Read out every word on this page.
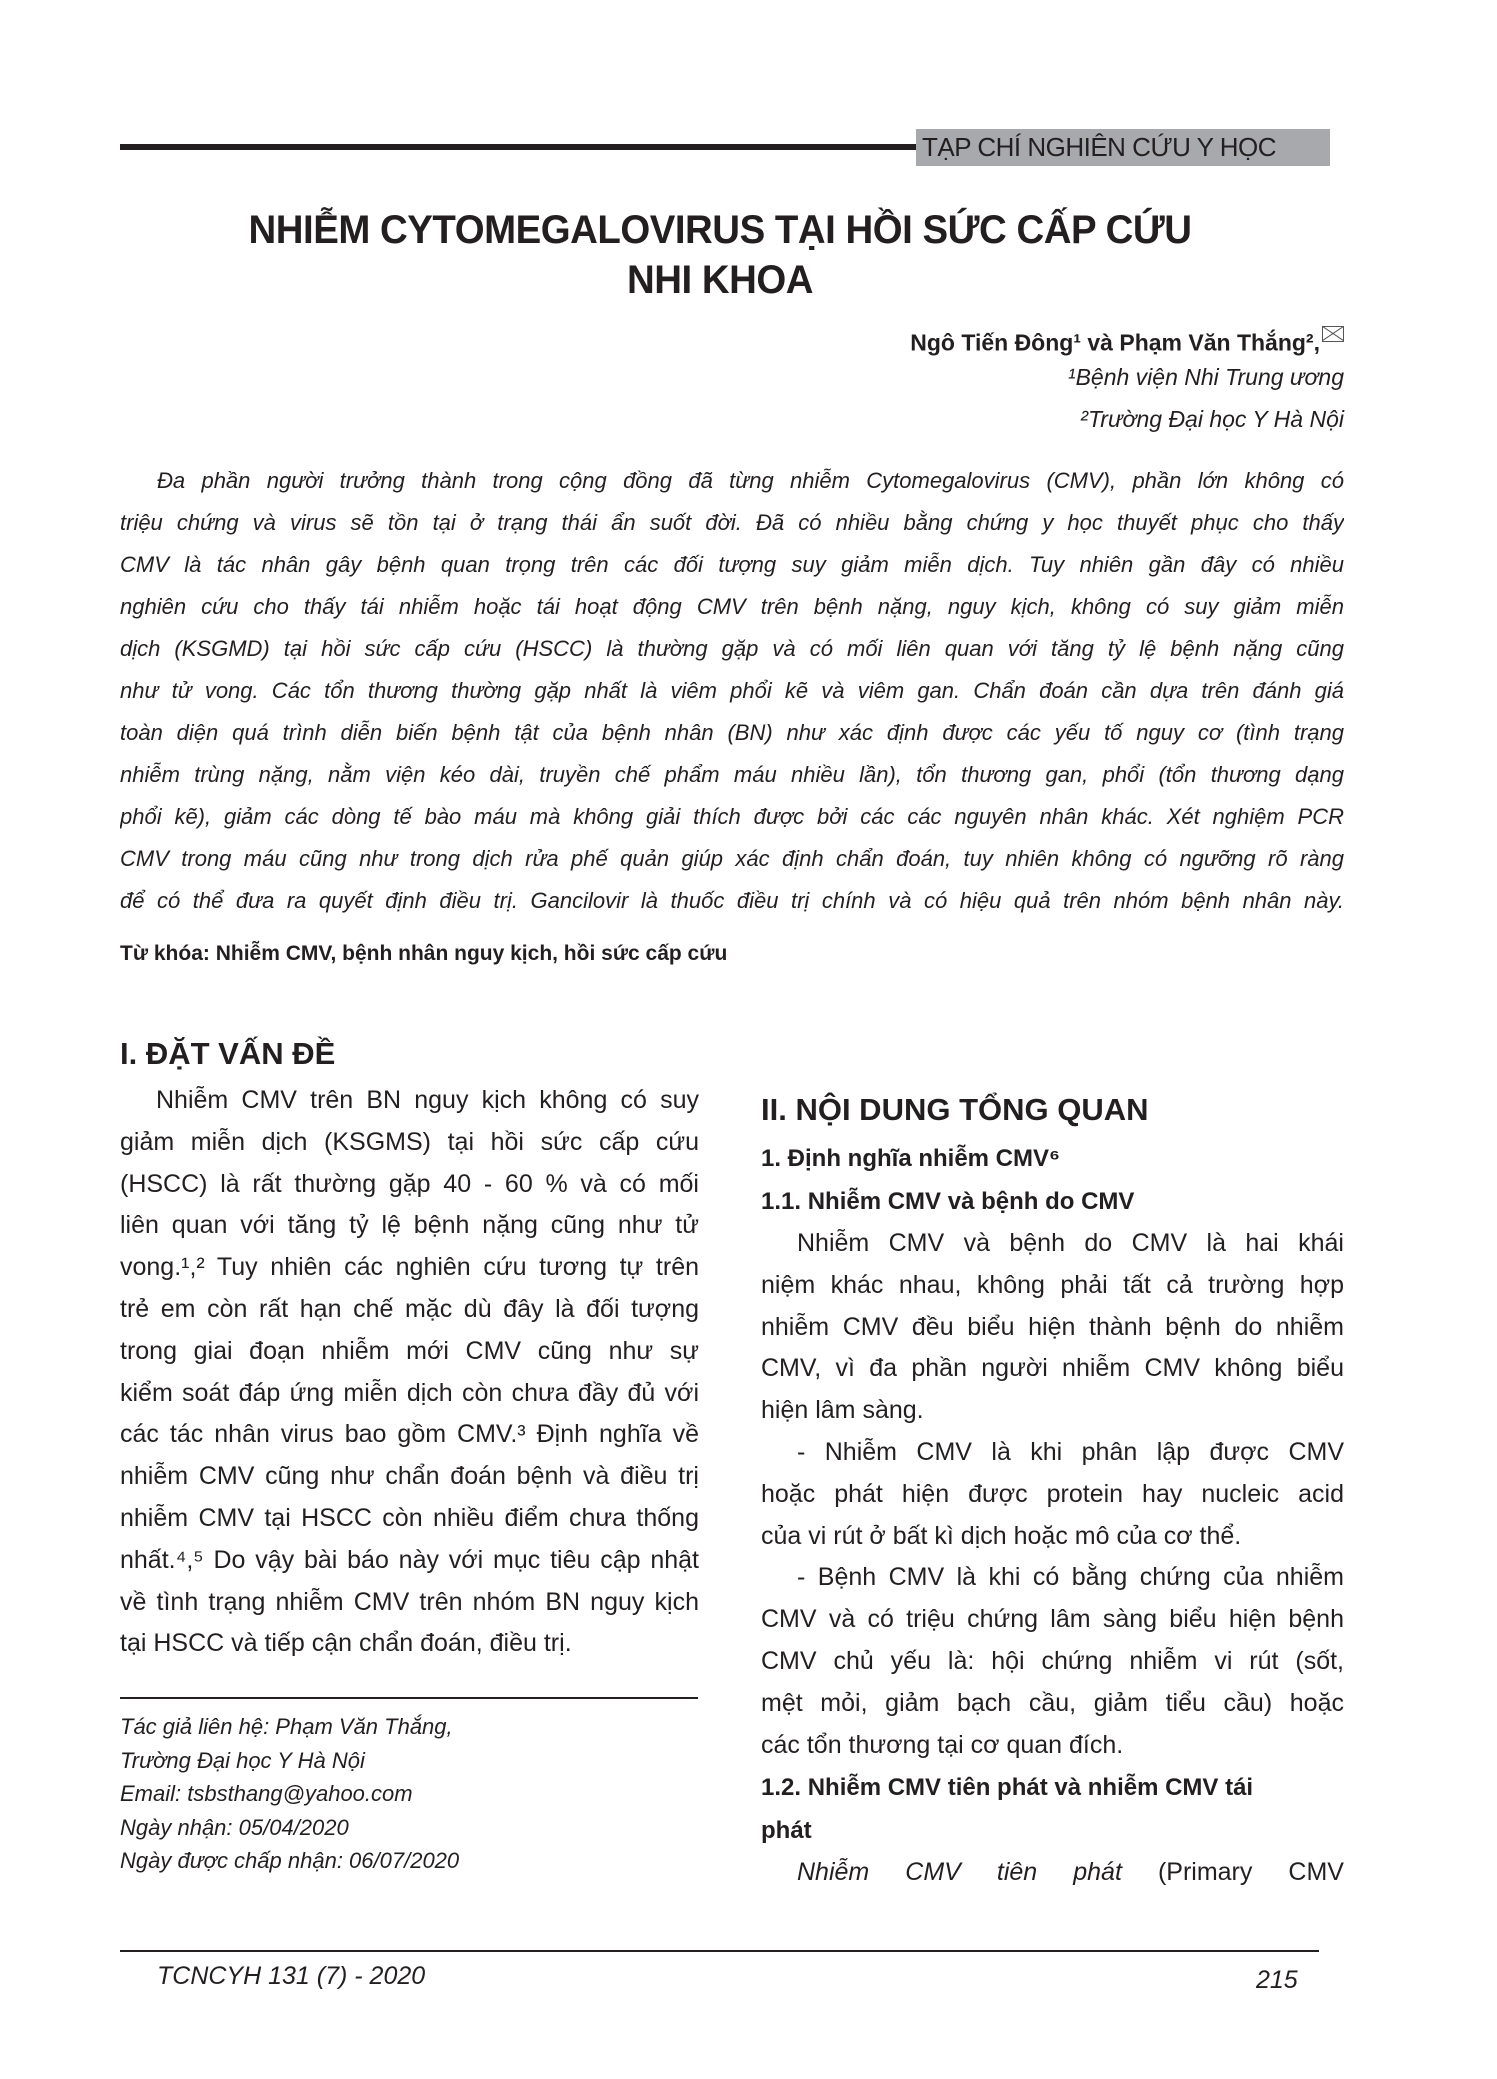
TẠP CHÍ NGHIÊN CỨU Y HỌC
NHIỄM CYTOMEGALOVIRUS TẠI HỒI SỨC CẤP CỨU
NHI KHOA
Ngô Tiến Đông¹ và Phạm Văn Thắng²,
¹Bệnh viện Nhi Trung ương
²Trường Đại học Y Hà Nội
Đa phần người trưởng thành trong cộng đồng đã từng nhiễm Cytomegalovirus (CMV), phần lớn không có
triệu chứng và virus sẽ tồn tại ở trạng thái ẩn suốt đời. Đã có nhiều bằng chứng y học thuyết phục cho thấy
CMV là tác nhân gây bệnh quan trọng trên các đối tượng suy giảm miễn dịch. Tuy nhiên gần đây có nhiều
nghiên cứu cho thấy tái nhiễm hoặc tái hoạt động CMV trên bệnh nặng, nguy kịch, không có suy giảm miễn
dịch (KSGMD) tại hồi sức cấp cứu (HSCC) là thường gặp và có mối liên quan với tăng tỷ lệ bệnh nặng cũng
như tử vong. Các tổn thương thường gặp nhất là viêm phổi kẽ và viêm gan. Chẩn đoán cần dựa trên đánh giá
toàn diện quá trình diễn biến bệnh tật của bệnh nhân (BN) như xác định được các yếu tố nguy cơ (tình trạng
nhiễm trùng nặng, nằm viện kéo dài, truyền chế phẩm máu nhiều lần), tổn thương gan, phổi (tổn thương dạng
phổi kẽ), giảm các dòng tế bào máu mà không giải thích được bởi các các nguyên nhân khác. Xét nghiệm PCR
CMV trong máu cũng như trong dịch rửa phế quản giúp xác định chẩn đoán, tuy nhiên không có ngưỡng rõ ràng
để có thể đưa ra quyết định điều trị. Gancilovir là thuốc điều trị chính và có hiệu quả trên nhóm bệnh nhân này.
Từ khóa: Nhiễm CMV, bệnh nhân nguy kịch, hồi sức cấp cứu
I. ĐẶT VẤN ĐỀ
Nhiễm CMV trên BN nguy kịch không có suy
giảm miễn dịch (KSGMS) tại hồi sức cấp cứu
(HSCC) là rất thường gặp 40 - 60 % và có mối
liên quan với tăng tỷ lệ bệnh nặng cũng như tử
vong.¹,² Tuy nhiên các nghiên cứu tương tự trên
trẻ em còn rất hạn chế mặc dù đây là đối tượng
trong giai đoạn nhiễm mới CMV cũng như sự
kiểm soát đáp ứng miễn dịch còn chưa đầy đủ với
các tác nhân virus bao gồm CMV.³ Định nghĩa về
nhiễm CMV cũng như chẩn đoán bệnh và điều trị
nhiễm CMV tại HSCC còn nhiều điểm chưa thống
nhất.⁴,⁵ Do vậy bài báo này với mục tiêu cập nhật
về tình trạng nhiễm CMV trên nhóm BN nguy kịch
tại HSCC và tiếp cận chẩn đoán, điều trị.
Tác giả liên hệ: Phạm Văn Thắng,
Trường Đại học Y Hà Nội
Email: tsbsthang@yahoo.com
Ngày nhận: 05/04/2020
Ngày được chấp nhận: 06/07/2020
II. NỘI DUNG TỔNG QUAN
1. Định nghĩa nhiễm CMV⁶
1.1. Nhiễm CMV và bệnh do CMV
Nhiễm CMV và bệnh do CMV là hai khái
niệm khác nhau, không phải tất cả trường hợp
nhiễm CMV đều biểu hiện thành bệnh do nhiễm
CMV, vì đa phần người nhiễm CMV không biểu
hiện lâm sàng.
- Nhiễm CMV là khi phân lập được CMV
hoặc phát hiện được protein hay nucleic acid
của vi rút ở bất kì dịch hoặc mô của cơ thể.
- Bệnh CMV là khi có bằng chứng của nhiễm
CMV và có triệu chứng lâm sàng biểu hiện bệnh
CMV chủ yếu là: hội chứng nhiễm vi rút (sốt,
mệt mỏi, giảm bạch cầu, giảm tiểu cầu) hoặc
các tổn thương tại cơ quan đích.
1.2. Nhiễm CMV tiên phát và nhiễm CMV tái
phát
Nhiễm CMV tiên phát (Primary CMV
TCNCYH 131 (7) - 2020	215
